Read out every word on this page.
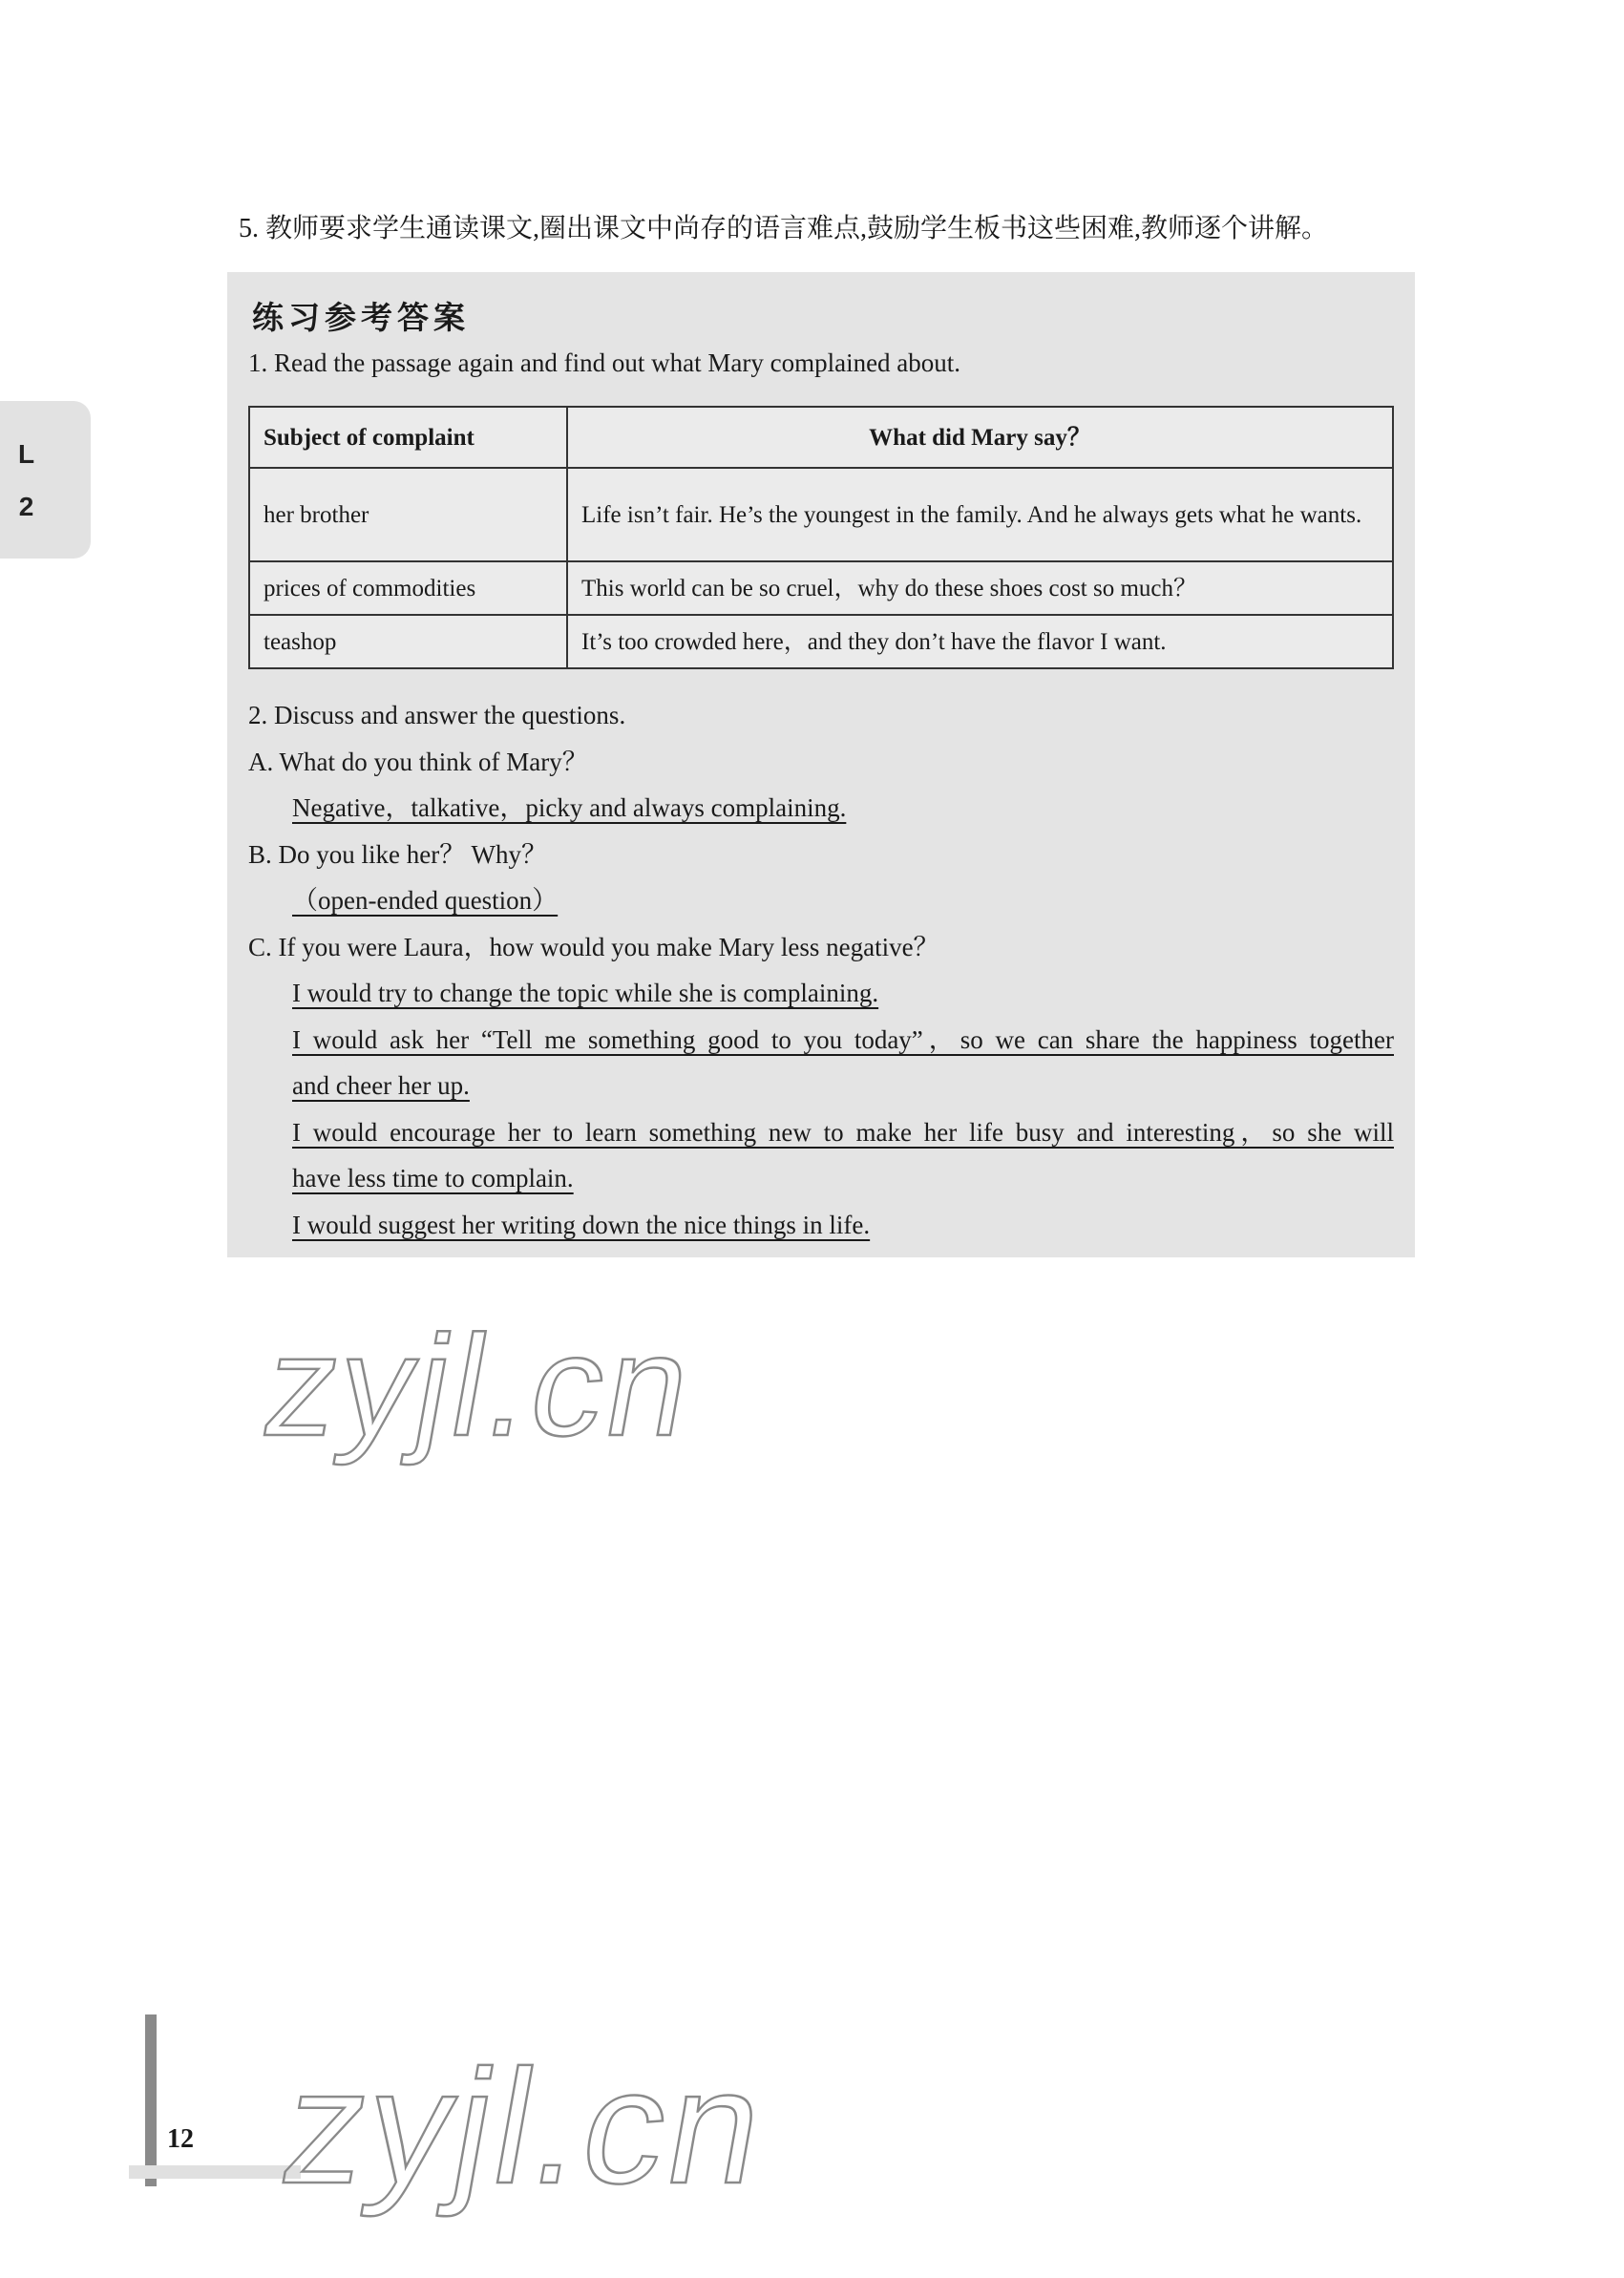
L
2
5. 教师要求学生通读课文,圈出课文中尚存的语言难点,鼓励学生板书这些困难,教师逐个讲解。
练习参考答案
1. Read the passage again and find out what Mary complained about.
Subject of complaint	What did Mary say？
her brother	Life isn’t fair. He’s the youngest in the family. And he always gets what he wants.
prices of commodities	This world can be so cruel，why do these shoes cost so much？
teashop	It’s too crowded here，and they don’t have the flavor I want.
2. Discuss and answer the questions.
A. What do you think of Mary？
Negative，talkative，picky and always complaining.
B. Do you like her？ Why？
（open-ended question）
C. If you were Laura，how would you make Mary less negative？
I would try to change the topic while she is complaining.
I would ask her “Tell me something good to you today”，so we can share the happiness together
and cheer her up.
I would encourage her to learn something new to make her life busy and interesting，so she will
have less time to complain.
I would suggest her writing down the nice things in life.
zyjl.cn
12 zyjl.cn
